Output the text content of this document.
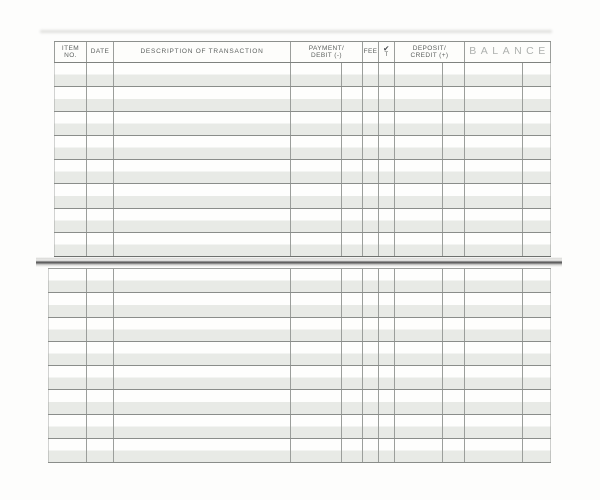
ITEM
NO.
DATE	DESCRIPTION OF TRANSACTION
PAYMENT/
DEBIT (-)
FEE ✔
T
DEPOSIT/
CREDIT (+) BALANCE
